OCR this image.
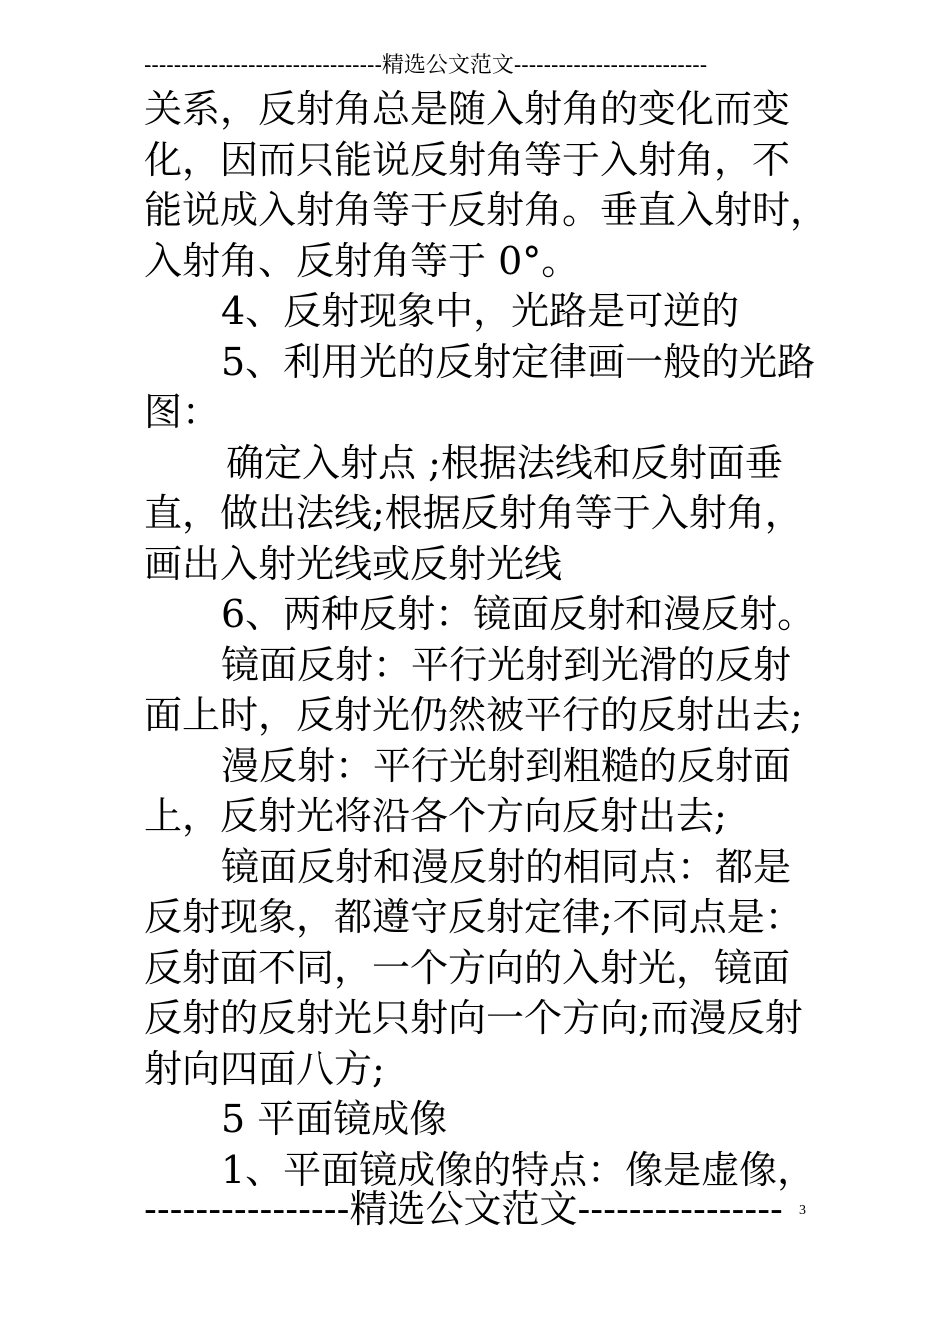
--------------------------------精选公文范文--------------------------
关系，反射角总是随入射角的变化而变
化，因而只能说反射角等于入射角，不
能说成入射角等于反射角。垂直入射时，
入射角、反射角等于 0°。
4、反射现象中，光路是可逆的
5、利用光的反射定律画一般的光路
图：
确定入射点 ;根据法线和反射面垂
直，做出法线;根据反射角等于入射角，
画出入射光线或反射光线
6、两种反射：镜面反射和漫反射。
镜面反射：平行光射到光滑的反射
面上时，反射光仍然被平行的反射出去;
漫反射：平行光射到粗糙的反射面
上，反射光将沿各个方向反射出去;
镜面反射和漫反射的相同点：都是
反射现象，都遵守反射定律;不同点是：
反射面不同，一个方向的入射光，镜面
反射的反射光只射向一个方向;而漫反射
射向四面八方;
5 平面镜成像
1、平面镜成像的特点：像是虚像，
----------------精选公文范文---------------- 3
